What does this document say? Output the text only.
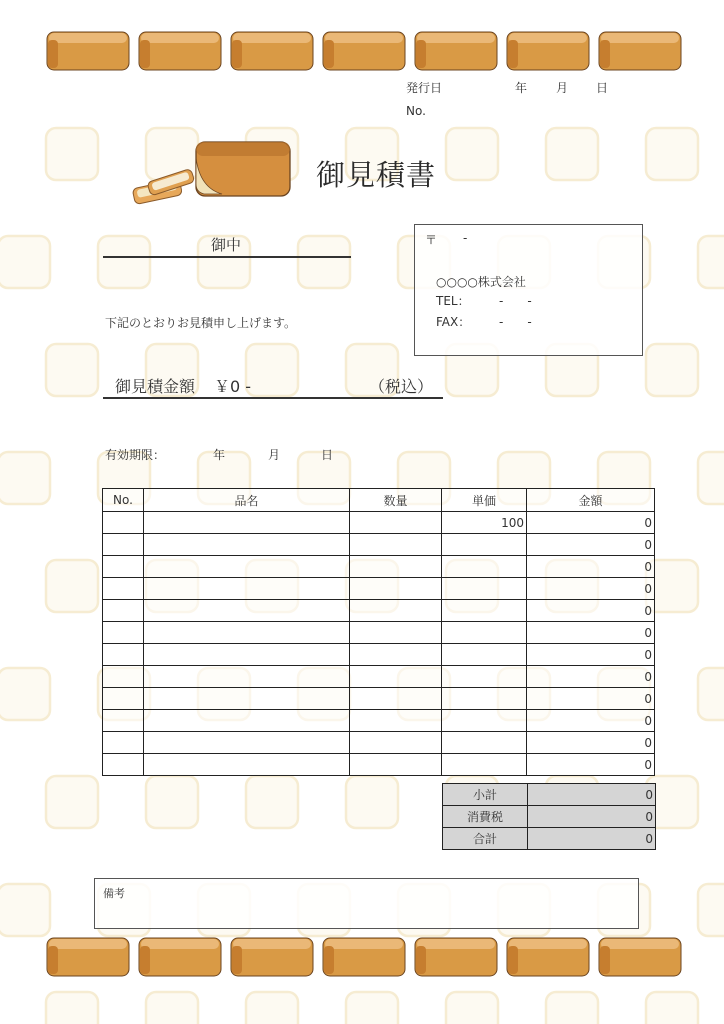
発行日	年 月 日
No.
御見積書
御中
下記のとおりお見積申し上げます。
〒 -
○○○○株式会社
TEL： -　　-
FAX： -　　-
御見積金額 ￥0 -	（税込）
有効期限：	年	月	日
No.	品名	数量	単価	金額
			100	0
				0
				0
				0
				0
				0
				0
				0
				0
				0
				0
				0
小計	0
消費税	0
合計	0
備考
